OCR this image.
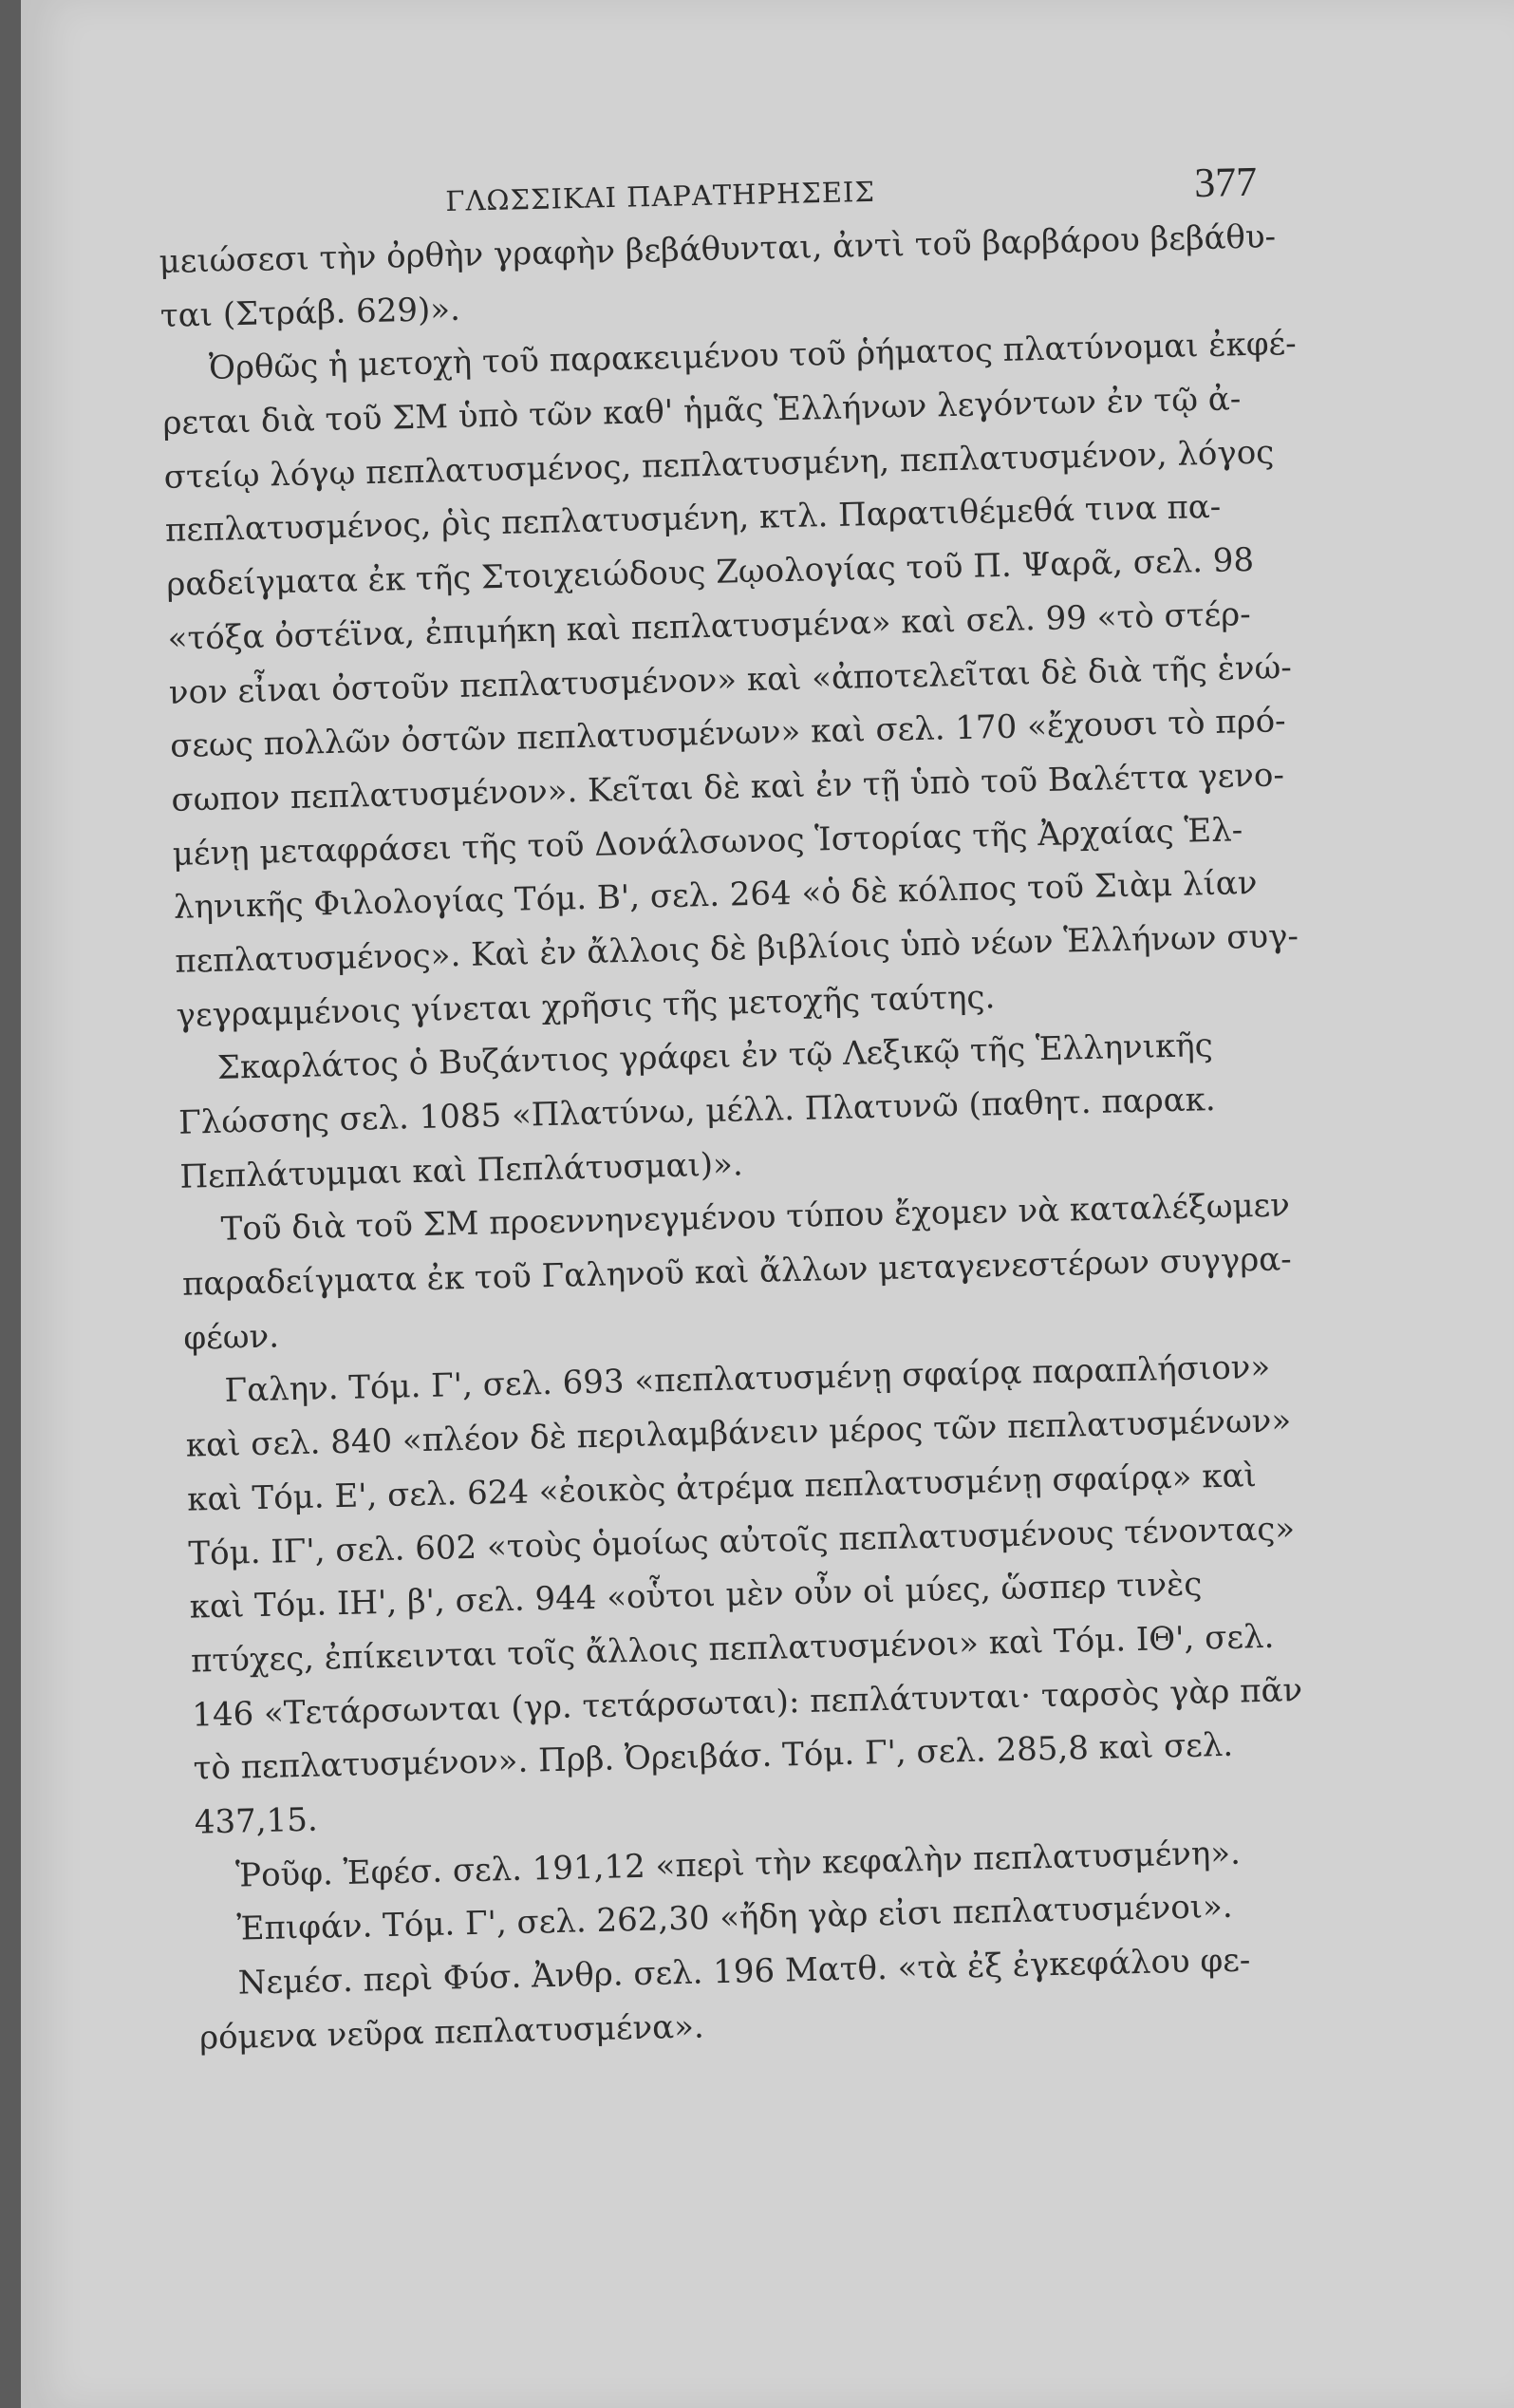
ΓΛΩΣΣΙΚΑΙ ΠΑΡΑΤΗΡΗΣΕΙΣ	377
μειώσεσι τὴν ὀρθὴν γραφὴν βεβάθυνται, ἀντὶ τοῦ βαρβάρου βεβάθυ-
ται (Στράβ. 629)».
Ὀρθῶς ἡ μετοχὴ τοῦ παρακειμένου τοῦ ῥήματος πλατύνομαι ἐκφέ-
ρεται διὰ τοῦ ΣΜ ὑπὸ τῶν καθ' ἡμᾶς Ἑλλήνων λεγόντων ἐν τῷ ἀ-
στείῳ λόγῳ πεπλατυσμένος, πεπλατυσμένη, πεπλατυσμένον, λόγος
πεπλατυσμένος, ῥὶς πεπλατυσμένη, κτλ. Παρατιθέμεθά τινα πα-
ραδείγματα ἐκ τῆς Στοιχειώδους Ζῳολογίας τοῦ Π. Ψαρᾶ, σελ. 98
«τόξα ὀστέϊνα, ἐπιμήκη καὶ πεπλατυσμένα» καὶ σελ. 99 «τὸ στέρ-
νον εἶναι ὀστοῦν πεπλατυσμένον» καὶ «ἀποτελεῖται δὲ διὰ τῆς ἑνώ-
σεως πολλῶν ὀστῶν πεπλατυσμένων» καὶ σελ. 170 «ἔχουσι τὸ πρό-
σωπον πεπλατυσμένον». Κεῖται δὲ καὶ ἐν τῇ ὑπὸ τοῦ Βαλέττα γενο-
μένῃ μεταφράσει τῆς τοῦ Δονάλσωνος Ἱστορίας τῆς Ἀρχαίας Ἑλ-
ληνικῆς Φιλολογίας Τόμ. Β', σελ. 264 «ὁ δὲ κόλπος τοῦ Σιὰμ λίαν
πεπλατυσμένος». Καὶ ἐν ἄλλοις δὲ βιβλίοις ὑπὸ νέων Ἑλλήνων συγ-
γεγραμμένοις γίνεται χρῆσις τῆς μετοχῆς ταύτης.
Σκαρλάτος ὁ Βυζάντιος γράφει ἐν τῷ Λεξικῷ τῆς Ἑλληνικῆς
Γλώσσης σελ. 1085 «Πλατύνω, μέλλ. Πλατυνῶ (παθητ. παρακ.
Πεπλάτυμμαι καὶ Πεπλάτυσμαι)».
Τοῦ διὰ τοῦ ΣΜ προεννηνεγμένου τύπου ἔχομεν νὰ καταλέξωμεν
παραδείγματα ἐκ τοῦ Γαληνοῦ καὶ ἄλλων μεταγενεστέρων συγγρα-
φέων.
Γαλην. Τόμ. Γ', σελ. 693 «πεπλατυσμένῃ σφαίρᾳ παραπλήσιον»
καὶ σελ. 840 «πλέον δὲ περιλαμβάνειν μέρος τῶν πεπλατυσμένων»
καὶ Τόμ. Ε', σελ. 624 «ἐοικὸς ἀτρέμα πεπλατυσμένῃ σφαίρᾳ» καὶ
Τόμ. ΙΓ', σελ. 602 «τοὺς ὁμοίως αὐτοῖς πεπλατυσμένους τένοντας»
καὶ Τόμ. ΙΗ', β', σελ. 944 «οὗτοι μὲν οὖν οἱ μύες, ὥσπερ τινὲς
πτύχες, ἐπίκεινται τοῖς ἄλλοις πεπλατυσμένοι» καὶ Τόμ. ΙΘ', σελ.
146 «Τετάρσωνται (γρ. τετάρσωται): πεπλάτυνται· ταρσὸς γὰρ πᾶν
τὸ πεπλατυσμένον». Πρβ. Ὀρειβάσ. Τόμ. Γ', σελ. 285,8 καὶ σελ.
437,15.
Ῥοῦφ. Ἐφέσ. σελ. 191,12 «περὶ τὴν κεφαλὴν πεπλατυσμένη».
Ἐπιφάν. Τόμ. Γ', σελ. 262,30 «ἤδη γὰρ εἰσι πεπλατυσμένοι».
Νεμέσ. περὶ Φύσ. Ἀνθρ. σελ. 196 Ματθ. «τὰ ἐξ ἐγκεφάλου φε-
ρόμενα νεῦρα πεπλατυσμένα».
